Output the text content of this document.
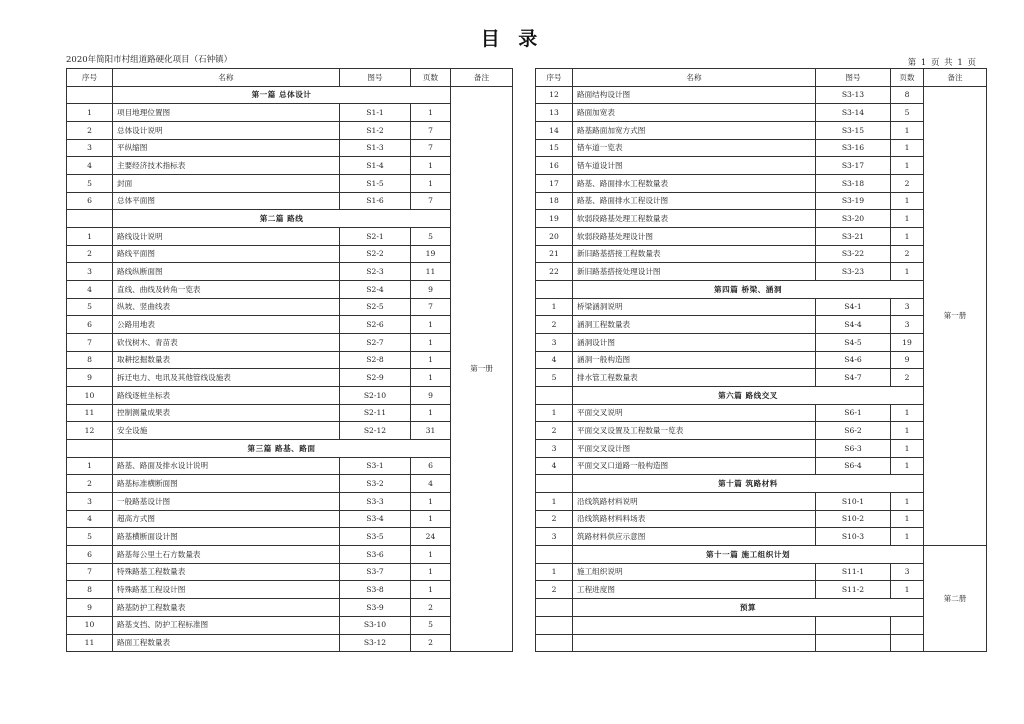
目 录
2020年简阳市村组道路硬化项目（石钟镇）	第 1 页 共 1 页
序号	名称	图号	页数	备注
	第一篇 总体设计			第一册
1	项目地理位置图	S1-1	1	
2	总体设计说明	S1-2	7	
3	平纵缩图	S1-3	7	
4	主要经济技术指标表	S1-4	1	
5	封面	S1-5	1	
6	总体平面图	S1-6	7	
	第二篇 路线			
1	路线设计说明	S2-1	5	
2	路线平面图	S2-2	19	
3	路线纵断面图	S2-3	11	
4	直线、曲线及转角一览表	S2-4	9	
5	纵坡、竖曲线表	S2-5	7	
6	公路用地表	S2-6	1	
7	砍伐树木、青苗表	S2-7	1	
8	取耕挖掘数量表	S2-8	1	
9	拆迁电力、电讯及其他管线设施表	S2-9	1	
10	路线逐桩坐标表	S2-10	9	
11	控制测量成果表	S2-11	1	
12	安全设施	S2-12	31	
	第三篇 路基、路面			
1	路基、路面及排水设计说明	S3-1	6	
2	路基标准横断面图	S3-2	4	
3	一般路基设计图	S3-3	1	
4	超高方式图	S3-4	1	
5	路基横断面设计图	S3-5	24	
6	路基每公里土石方数量表	S3-6	1	
7	特殊路基工程数量表	S3-7	1	
8	特殊路基工程设计图	S3-8	1	
9	路基防护工程数量表	S3-9	2	
10	路基支挡、防护工程标准图	S3-10	5	
11	路面工程数量表	S3-12	2	
序号	名称	图号	页数	备注
12	路面结构设计图	S3-13	8	第一册
13	路面加宽表	S3-14	5	
14	路基路面加宽方式图	S3-15	1	
15	错车道一览表	S3-16	1	
16	错车道设计图	S3-17	1	
17	路基、路面排水工程数量表	S3-18	2	
18	路基、路面排水工程设计图	S3-19	1	
19	软弱段路基处理工程数量表	S3-20	1	
20	软弱段路基处理设计图	S3-21	1	
21	新旧路基搭接工程数量表	S3-22	2	
22	新旧路基搭接处理设计图	S3-23	1	
	第四篇 桥梁、涵洞			
1	桥梁涵洞说明	S4-1	3	
2	涵洞工程数量表	S4-4	3	
3	涵洞设计图	S4-5	19	
4	涵洞一般构造图	S4-6	9	
5	排水管工程数量表	S4-7	2	
	第六篇 路线交叉			
1	平面交叉说明	S6-1	1	
2	平面交叉设置及工程数量一览表	S6-2	1	
3	平面交叉设计图	S6-3	1	
4	平面交叉口道路一般构造图	S6-4	1	
	第十篇 筑路材料			
1	沿线筑路材料说明	S10-1	1	
2	沿线筑路材料料场表	S10-2	1	
3	筑路材料供应示意图	S10-3	1	
	第十一篇 施工组织计划			第二册
1	施工组织说明	S11-1	3	
2	工程进度图	S11-2	1	
	预算			
